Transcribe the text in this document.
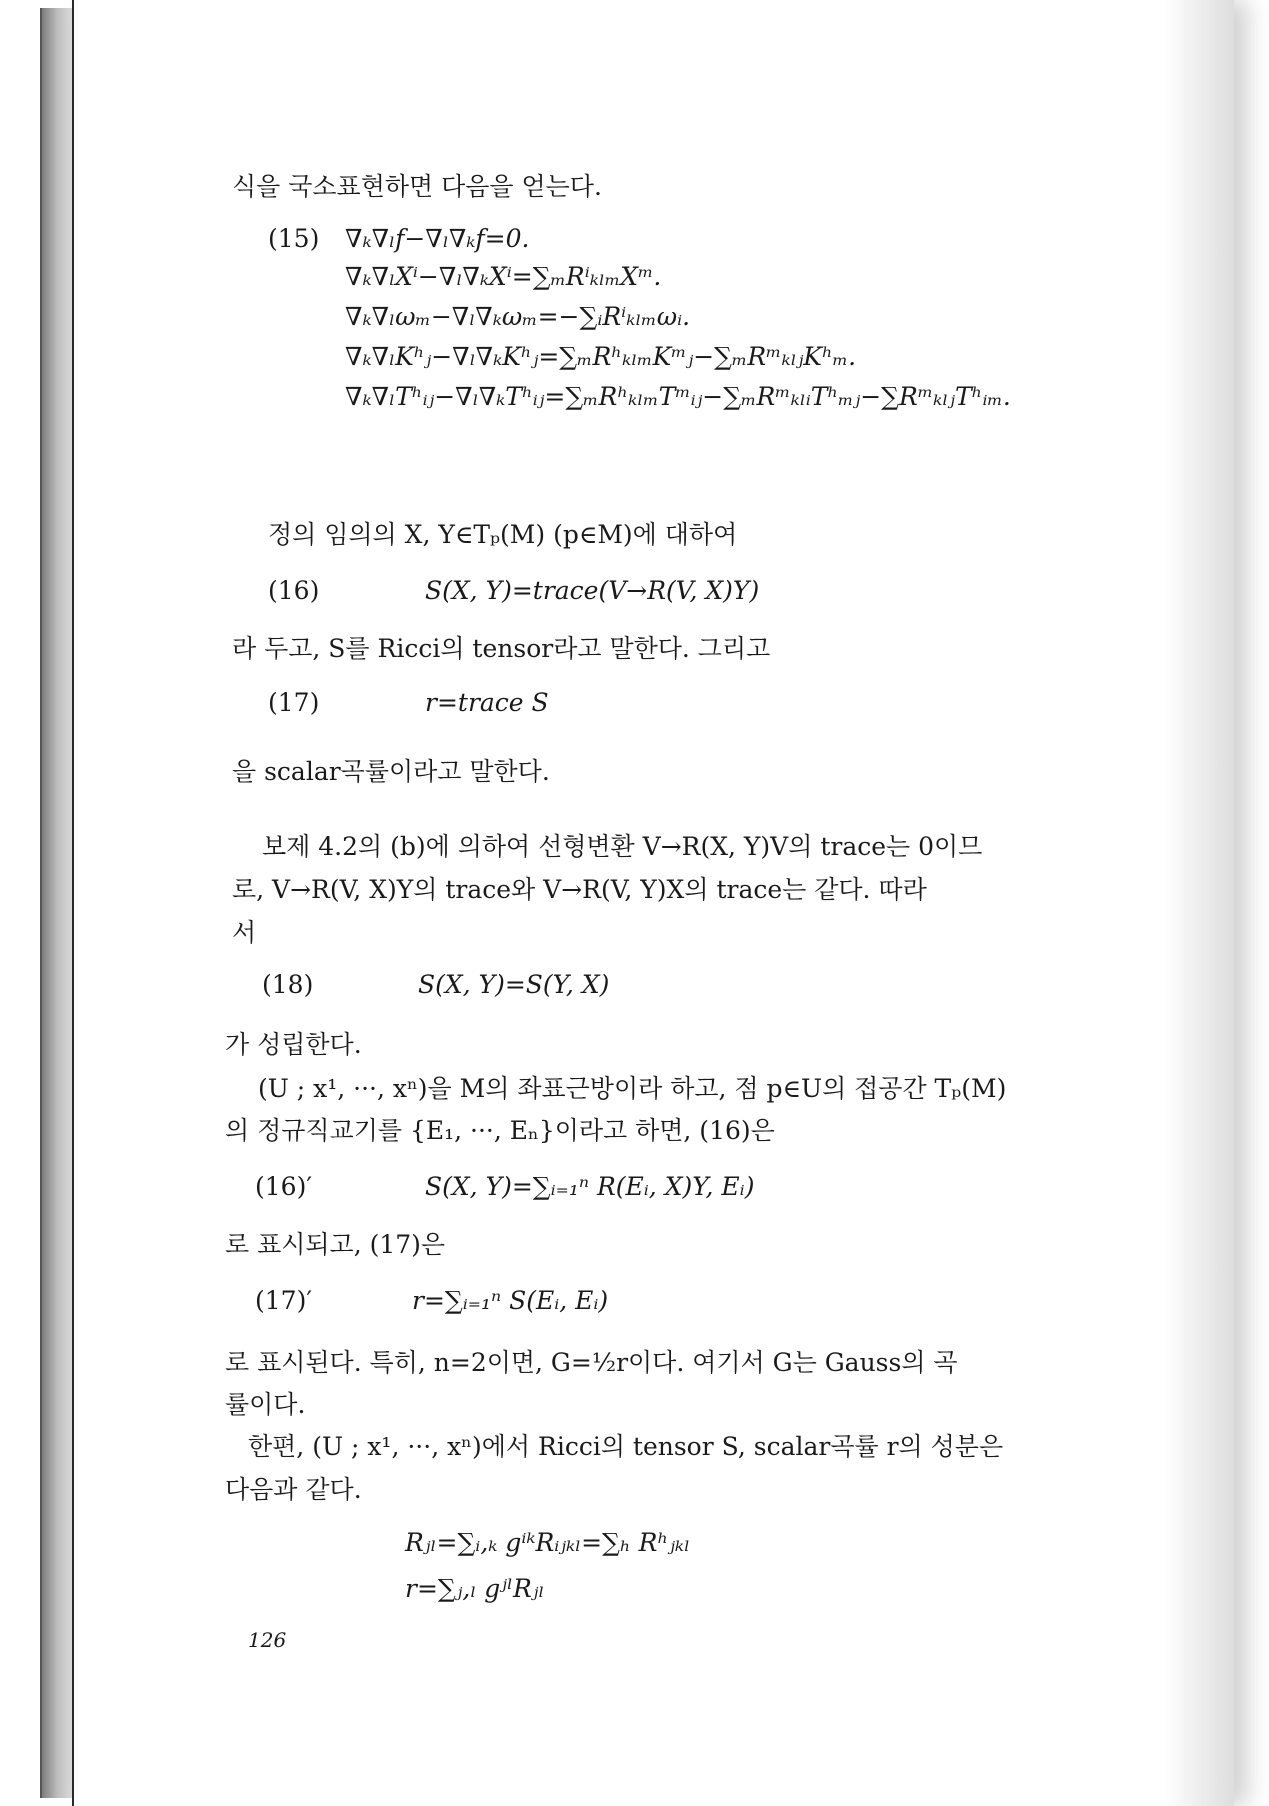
식을 국소표현하면 다음을 얻는다.
(15) ∇ₖ∇ₗf−∇ₗ∇ₖf=0.
∇ₖ∇ₗXⁱ−∇ₗ∇ₖXⁱ=∑ₘRⁱₖₗₘXᵐ.
∇ₖ∇ₗωₘ−∇ₗ∇ₖωₘ=−∑ᵢRⁱₖₗₘωᵢ.
∇ₖ∇ₗKʰⱼ−∇ₗ∇ₖKʰⱼ=∑ₘRʰₖₗₘKᵐⱼ−∑ₘRᵐₖₗⱼKʰₘ.
∇ₖ∇ₗTʰᵢⱼ−∇ₗ∇ₖTʰᵢⱼ=∑ₘRʰₖₗₘTᵐᵢⱼ−∑ₘRᵐₖₗᵢTʰₘⱼ−∑RᵐₖₗⱼTʰᵢₘ.
정의 임의의 X, Y∈Tₚ(M) (p∈M)에 대하여
(16)	S(X, Y)=trace(V→R(V, X)Y)
라 두고, S를 Ricci의 tensor라고 말한다. 그리고
(17)	r=trace S
을 scalar곡률이라고 말한다.
보제 4.2의 (b)에 의하여 선형변환 V→R(X, Y)V의 trace는 0이므
로, V→R(V, X)Y의 trace와 V→R(V, Y)X의 trace는 같다. 따라
서
(18)	S(X, Y)=S(Y, X)
가 성립한다.
(U ; x¹, ···, xⁿ)을 M의 좌표근방이라 하고, 점 p∈U의 접공간 Tₚ(M)
의 정규직교기를 {E₁, ···, Eₙ}이라고 하면, (16)은
(16)′	S(X, Y)=∑ᵢ₌₁ⁿ R(Eᵢ, X)Y, Eᵢ)
로 표시되고, (17)은
(17)′	r=∑ᵢ₌₁ⁿ S(Eᵢ, Eᵢ)
로 표시된다. 특히, n=2이면, G=½r이다. 여기서 G는 Gauss의 곡
률이다.
한편, (U ; x¹, ···, xⁿ)에서 Ricci의 tensor S, scalar곡률 r의 성분은
다음과 같다.
Rⱼₗ=∑ᵢ,ₖ gⁱᵏRᵢⱼₖₗ=∑ₕ Rʰⱼₖₗ
r=∑ⱼ,ₗ gʲˡRⱼₗ
126
